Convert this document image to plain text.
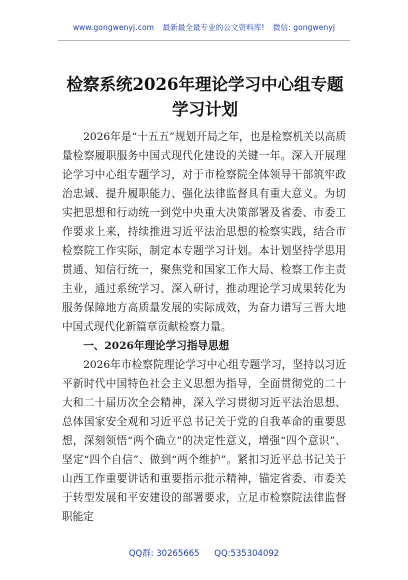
www.gongwenyj.com 最新最全最专业的公文资料库! 微信: gongwenyj
检察系统2026年理论学习中心组专题学习计划

2026年是“十五五”规划开局之年，也是检察机关以高质量检察履职服务中国式现代化建设的关键一年。深入开展理论学习中心组专题学习，对于市检察院全体领导干部筑牢政治忠诚、提升履职能力、强化法律监督具有重大意义。为切实把思想和行动统一到党中央重大决策部署及省委、市委工作要求上来，持续推进习近平法治思想的检察实践，结合市检察院工作实际，制定本专题学习计划。本计划坚持学思用贯通、知信行统一，聚焦党和国家工作大局、检察工作主责主业，通过系统学习、深入研讨，推动理论学习成果转化为服务保障地方高质量发展的实际成效，为奋力谱写三晋大地中国式现代化新篇章贡献检察力量。

一、2026年理论学习指导思想

2026年市检察院理论学习中心组专题学习，坚持以习近平新时代中国特色社会主义思想为指导，全面贯彻党的二十大和二十届历次全会精神，深入学习贯彻习近平法治思想、总体国家安全观和习近平总书记关于党的自我革命的重要思想，深刻领悟“两个确立”的决定性意义，增强“四个意识”、坚定“四个自信”、做到“两个维护”。紧扣习近平总书记关于山西工作重要讲话和重要指示批示精神，锚定省委、市委关于转型发展和平安建设的部署要求，立足市检察院法律监督职能定

QQ群: 30265665 QQ:535304092
